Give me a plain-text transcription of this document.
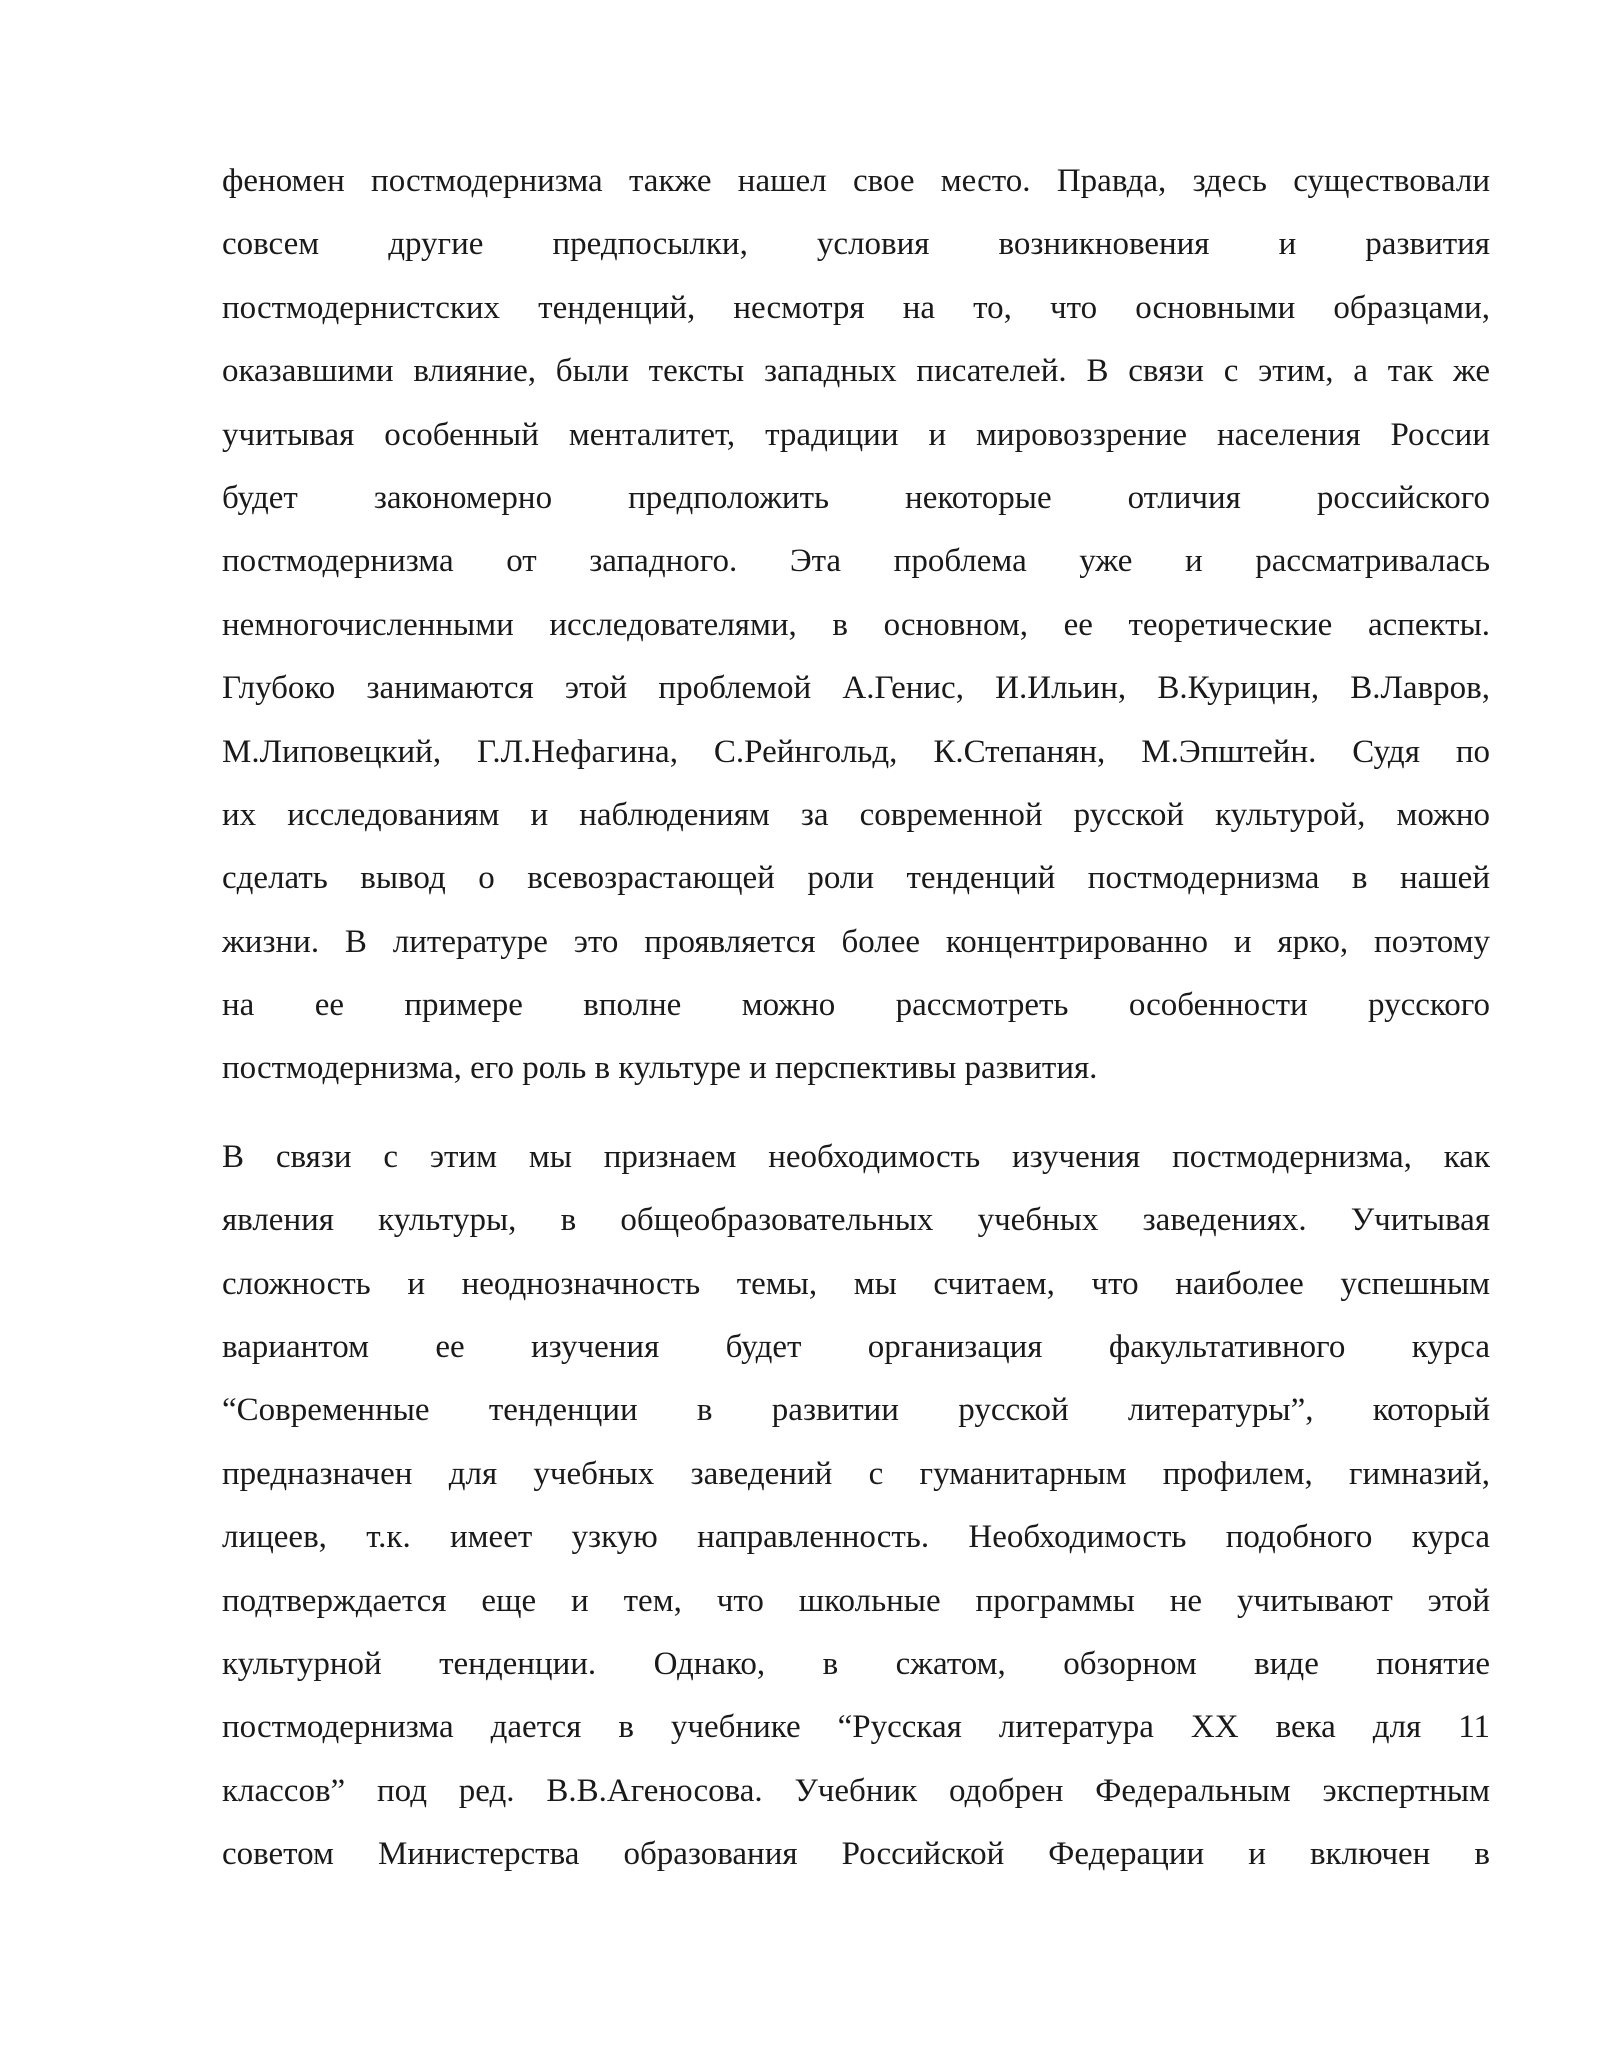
феномен постмодернизма также нашел свое место. Правда, здесь существовали
совсем другие предпосылки, условия возникновения и развития
постмодернистских тенденций, несмотря на то, что основными образцами,
оказавшими влияние, были тексты западных писателей. В связи с этим, а так же
учитывая особенный менталитет, традиции и мировоззрение населения России
будет закономерно предположить некоторые отличия российского
постмодернизма от западного. Эта проблема уже и рассматривалась
немногочисленными исследователями, в основном, ее теоретические аспекты.
Глубоко занимаются этой проблемой А.Генис, И.Ильин, В.Курицин, В.Лавров,
М.Липовецкий, Г.Л.Нефагина, С.Рейнгольд, К.Степанян, М.Эпштейн. Судя по
их исследованиям и наблюдениям за современной русской культурой, можно
сделать вывод о всевозрастающей роли тенденций постмодернизма в нашей
жизни. В литературе это проявляется более концентрированно и ярко, поэтому
на ее примере вполне можно рассмотреть особенности русского
постмодернизма, его роль в культуре и перспективы развития.
В связи с этим мы признаем необходимость изучения постмодернизма, как
явления культуры, в общеобразовательных учебных заведениях. Учитывая
сложность и неоднозначность темы, мы считаем, что наиболее успешным
вариантом ее изучения будет организация факультативного курса
“Современные тенденции в развитии русской литературы”, который
предназначен для учебных заведений с гуманитарным профилем, гимназий,
лицеев, т.к. имеет узкую направленность. Необходимость подобного курса
подтверждается еще и тем, что школьные программы не учитывают этой
культурной тенденции. Однако, в сжатом, обзорном виде понятие
постмодернизма дается в учебнике “Русская литература XX века для 11
классов” под ред. В.В.Агеносова. Учебник одобрен Федеральным экспертным
советом Министерства образования Российской Федерации и включен в
